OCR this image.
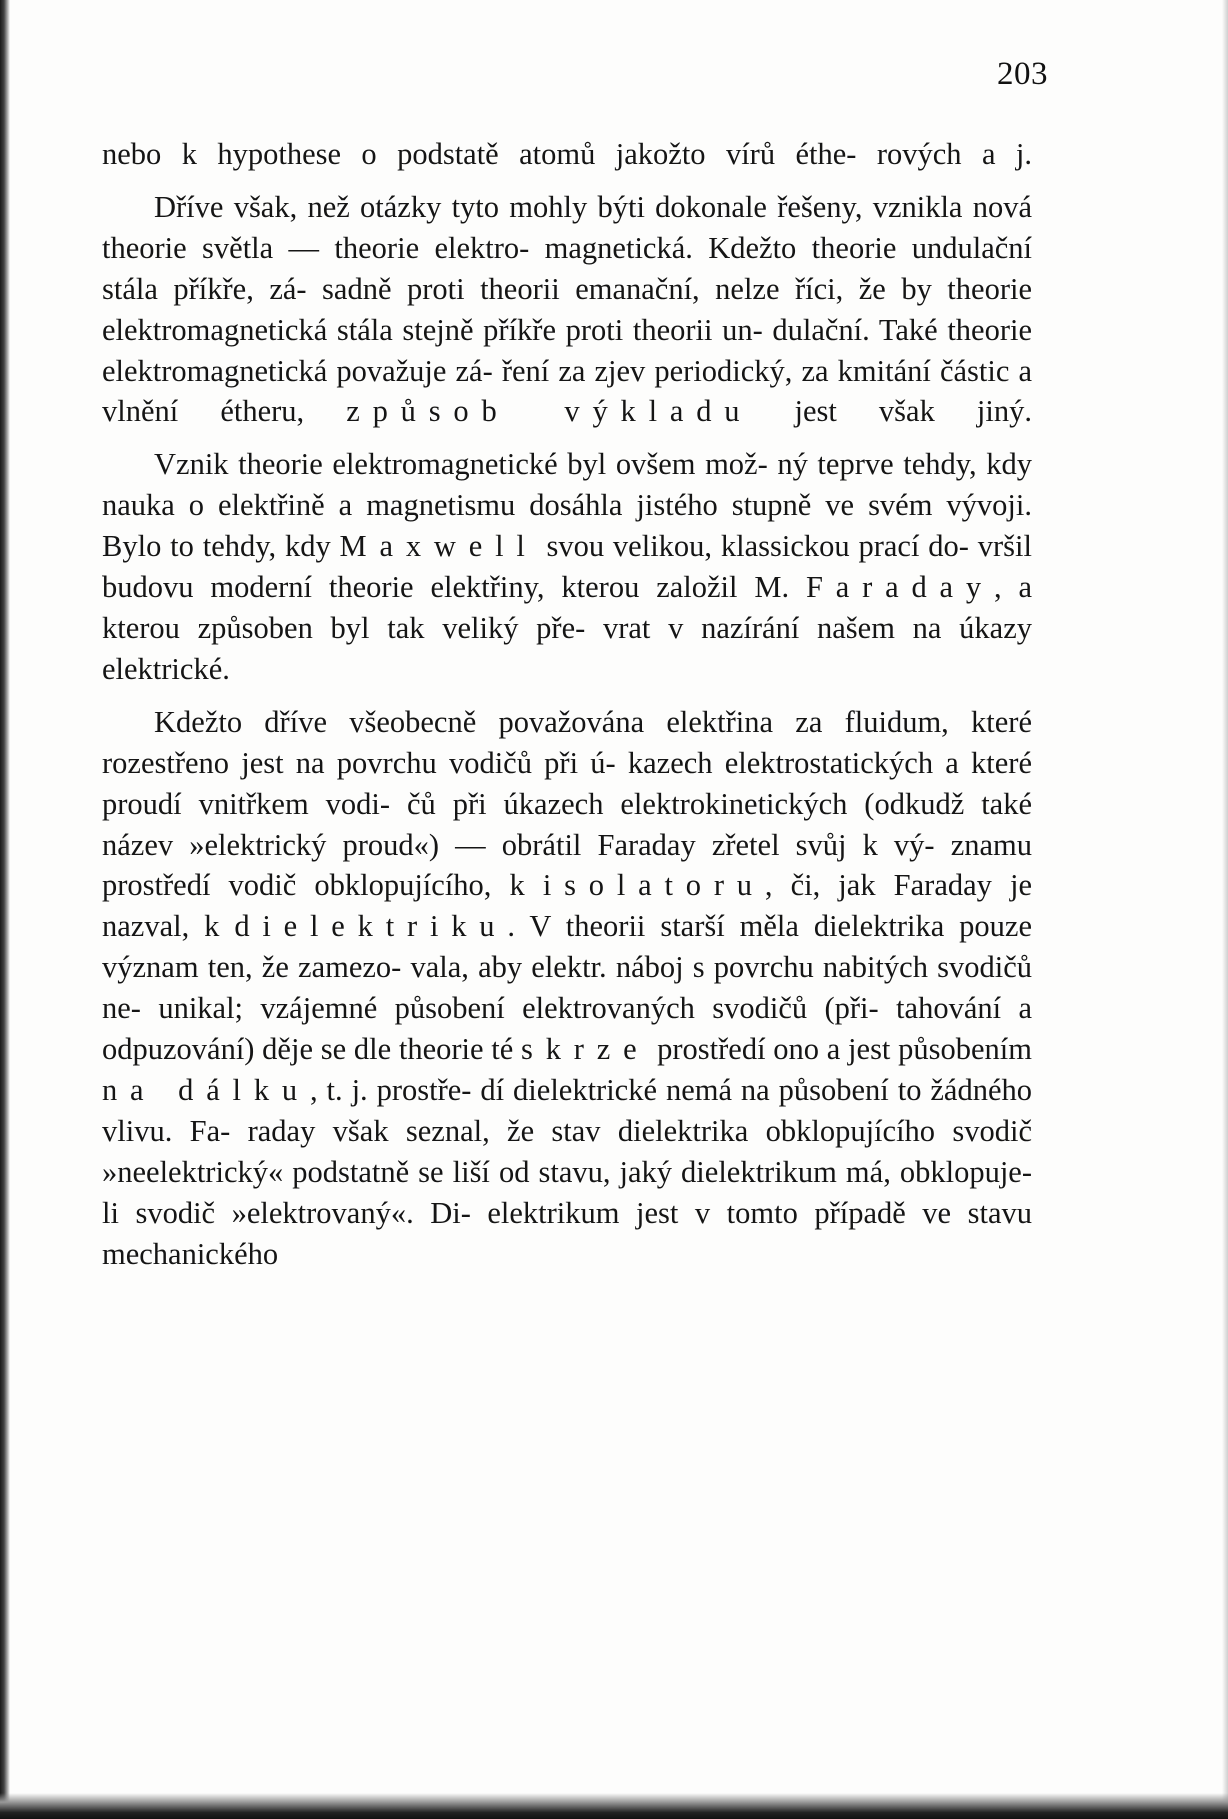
203

nebo k hypothese o podstatě atomů jakožto vírů éthe- rových a j.

Dříve však, než otázky tyto mohly býti dokonale řešeny, vznikla nová theorie světla — theorie elektro- magnetická. Kdežto theorie undulační stála příkře, zá- sadně proti theorii emanační, nelze říci, že by theorie elektromagnetická stála stejně příkře proti theorii un- dulační. Také theorie elektromagnetická považuje zá- ření za zjev periodický, za kmitání částic a vlnění étheru, způsob výkladu jest však jiný.

Vznik theorie elektromagnetické byl ovšem mož- ný teprve tehdy, kdy nauka o elektřině a magnetismu dosáhla jistého stupně ve svém vývoji. Bylo to tehdy, kdy Maxwell svou velikou, klassickou prací do- vršil budovu moderní theorie elektřiny, kterou založil M. Faraday, a kterou způsoben byl tak veliký pře- vrat v nazírání našem na úkazy elektrické.

Kdežto dříve všeobecně považována elektřina za fluidum, které rozestřeno jest na povrchu vodičů při ú- kazech elektrostatických a které proudí vnitřkem vodi- čů při úkazech elektrokinetických (odkudž také název »elektrický proud«) — obrátil Faraday zřetel svůj k vý- znamu prostředí vodič obklopujícího, k isolatoru, či, jak Faraday je nazval, k dielektriku. V theorii starší měla dielektrika pouze význam ten, že zamezo- vala, aby elektr. náboj s povrchu nabitých svodičů ne- unikal; vzájemné působení elektrovaných svodičů (při- tahování a odpuzování) děje se dle theorie té skrze prostředí ono a jest působením na dálku, t. j. prostře- dí dielektrické nemá na působení to žádného vlivu. Fa- raday však seznal, že stav dielektrika obklopujícího svodič »neelektrický« podstatně se liší od stavu, jaký dielektrikum má, obklopuje-li svodič »elektrovaný«. Di- elektrikum jest v tomto případě ve stavu mechanického
